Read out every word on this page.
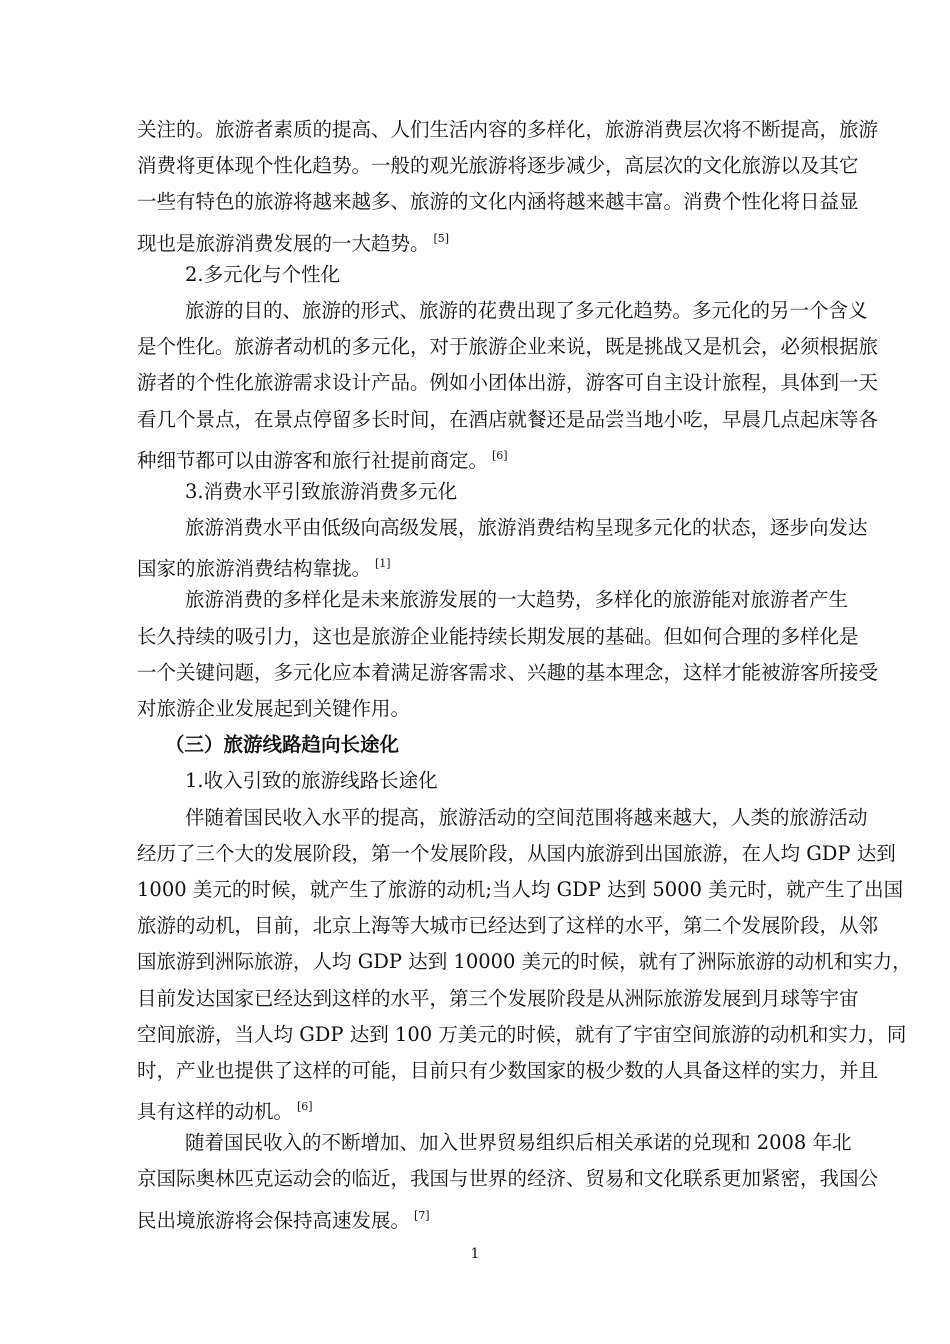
关注的。旅游者素质的提高、人们生活内容的多样化，旅游消费层次将不断提高，旅游
消费将更体现个性化趋势。一般的观光旅游将逐步减少，高层次的文化旅游以及其它
一些有特色的旅游将越来越多、旅游的文化内涵将越来越丰富。消费个性化将日益显
现也是旅游消费发展的一大趋势。 [5]
2.多元化与个性化
旅游的目的、旅游的形式、旅游的花费出现了多元化趋势。多元化的另一个含义
是个性化。旅游者动机的多元化，对于旅游企业来说，既是挑战又是机会，必须根据旅
游者的个性化旅游需求设计产品。例如小团体出游，游客可自主设计旅程，具体到一天
看几个景点，在景点停留多长时间，在酒店就餐还是品尝当地小吃，早晨几点起床等各
种细节都可以由游客和旅行社提前商定。 [6]
3.消费水平引致旅游消费多元化
旅游消费水平由低级向高级发展，旅游消费结构呈现多元化的状态，逐步向发达
国家的旅游消费结构靠拢。 [1]
旅游消费的多样化是未来旅游发展的一大趋势，多样化的旅游能对旅游者产生
长久持续的吸引力，这也是旅游企业能持续长期发展的基础。但如何合理的多样化是
一个关键问题，多元化应本着满足游客需求、兴趣的基本理念，这样才能被游客所接受
对旅游企业发展起到关键作用。
（三）旅游线路趋向长途化
1.收入引致的旅游线路长途化
伴随着国民收入水平的提高，旅游活动的空间范围将越来越大，人类的旅游活动
经历了三个大的发展阶段，第一个发展阶段，从国内旅游到出国旅游，在人均 GDP 达到
1000 美元的时候，就产生了旅游的动机;当人均 GDP 达到 5000 美元时，就产生了出国
旅游的动机，目前，北京上海等大城市已经达到了这样的水平，第二个发展阶段，从邻
国旅游到洲际旅游，人均 GDP 达到 10000 美元的时候，就有了洲际旅游的动机和实力，
目前发达国家已经达到这样的水平，第三个发展阶段是从洲际旅游发展到月球等宇宙
空间旅游，当人均 GDP 达到 100 万美元的时候，就有了宇宙空间旅游的动机和实力，同
时，产业也提供了这样的可能，目前只有少数国家的极少数的人具备这样的实力，并且
具有这样的动机。 [6]
随着国民收入的不断增加、加入世界贸易组织后相关承诺的兑现和 2008 年北
京国际奥林匹克运动会的临近，我国与世界的经济、贸易和文化联系更加紧密，我国公
民出境旅游将会保持高速发展。 [7]
1
